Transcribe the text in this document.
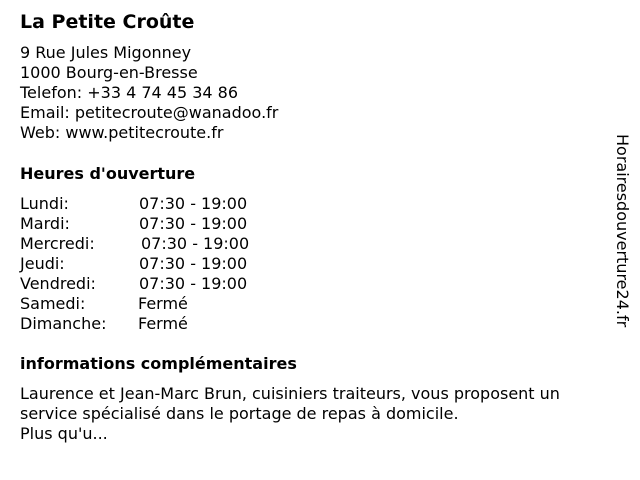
La Petite Croûte
9 Rue Jules Migonney
1000 Bourg-en-Bresse
Telefon: +33 4 74 45 34 86
Email: petitecroute@wanadoo.fr
Web: www.petitecroute.fr
Heures d'ouverture
Lundi:	07:30 - 19:00
Mardi:	07:30 - 19:00
Mercredi:	07:30 - 19:00
Jeudi:	07:30 - 19:00
Vendredi:	07:30 - 19:00
Samedi:	Fermé
Dimanche: Fermé
informations complémentaires
Laurence et Jean-Marc Brun, cuisiniers traiteurs, vous proposent un
service spécialisé dans le portage de repas à domicile.
Plus qu'u...
Horairesdouverture24.fr
